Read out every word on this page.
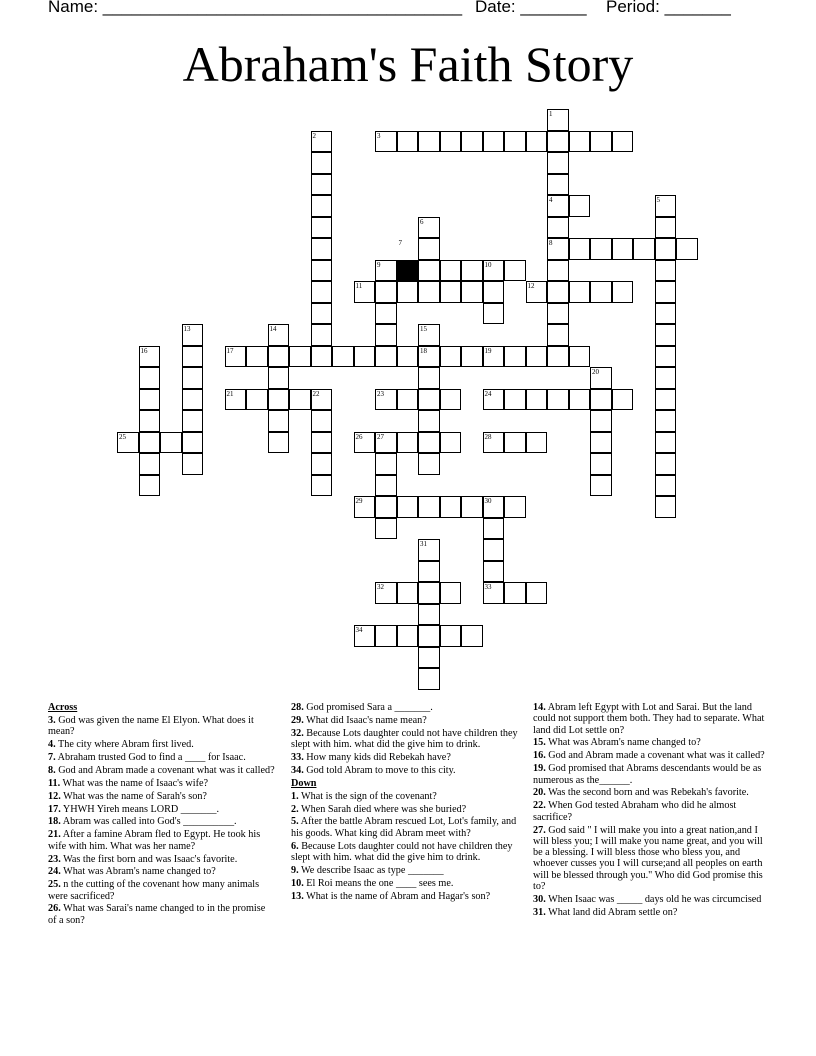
Name: ______________________________________ Date: _______ Period: _______
Abraham's Faith Story
1
2	3
4	5
6
7	8
9	10
11	12
13	14	15
16	17	18	19
20
21	22	23	24
25	26 27	28
29	30
31
32	33
34
Across
3. God was given the name El Elyon. What does it mean?
4. The city where Abram first lived.
7. Abraham trusted God to find a ____ for Isaac.
8. God and Abram made a covenant what was it called?
11. What was the name of Isaac's wife?
12. What was the name of Sarah's son?
17. YHWH Yireh means LORD _______.
18. Abram was called into God's __________.
21. After a famine Abram fled to Egypt. He took his wife with him. What was her name?
23. Was the first born and was Isaac's favorite.
24. What was Abram's name changed to?
25. n the cutting of the covenant how many animals were sacrificed?
26. What was Sarai's name changed to in the promise of a son?
28. God promised Sara a _______.
29. What did Isaac's name mean?
32. Because Lots daughter could not have children they slept with him. what did the give him to drink.
33. How many kids did Rebekah have?
34. God told Abram to move to this city.
Down
1. What is the sign of the covenant?
2. When Sarah died where was she buried?
5. After the battle Abram rescued Lot, Lot's family, and his goods. What king did Abram meet with?
6. Because Lots daughter could not have children they slept with him. what did the give him to drink.
9. We describe Isaac as type _______
10. El Roi means the one ____ sees me.
13. What is the name of Abram and Hagar's son?
14. Abram left Egypt with Lot and Sarai. But the land could not support them both. They had to separate. What land did Lot settle on?
15. What was Abram's name changed to?
16. God and Abram made a covenant what was it called?
19. God promised that Abrams descendants would be as numerous as the______.
20. Was the second born and was Rebekah's favorite.
22. When God tested Abraham who did he almost sacrifice?
27. God said " I will make you into a great nation,and I will bless you; I will make you name great, and you will be a blessing. I will bless those who bless you, and whoever cusses you I will curse;and all peoples on earth will be blessed through you." Who did God promise this to?
30. When Isaac was _____ days old he was circumcised
31. What land did Abram settle on?
